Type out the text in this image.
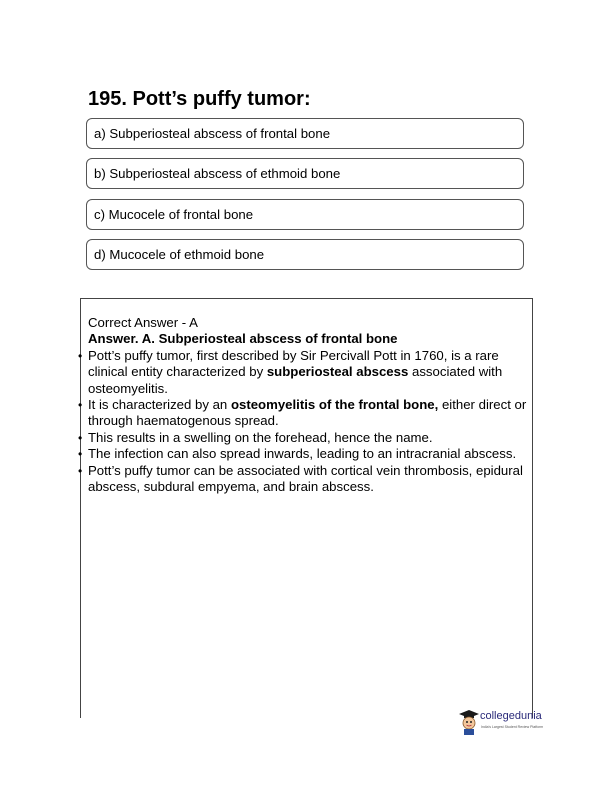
195. Pott’s puffy tumor:
a) Subperiosteal abscess of frontal bone
b) Subperiosteal abscess of ethmoid bone
c) Mucocele of frontal bone
d) Mucocele of ethmoid bone

Correct Answer - A

Answer. A. Subperiosteal abscess of frontal bone

• Pott’s puffy tumor, first described by Sir Percivall Pott in 1760, is a rare clinical entity characterized by subperiosteal abscess associated with osteomyelitis.
• It is characterized by an osteomyelitis of the frontal bone, either direct or through haematogenous spread.
• This results in a swelling on the forehead, hence the name.
• The infection can also spread inwards, leading to an intracranial abscess.
• Pott’s puffy tumor can be associated with cortical vein thrombosis, epidural abscess, subdural empyema, and brain abscess.
collegedunia
India's Largest Student Review Platform
